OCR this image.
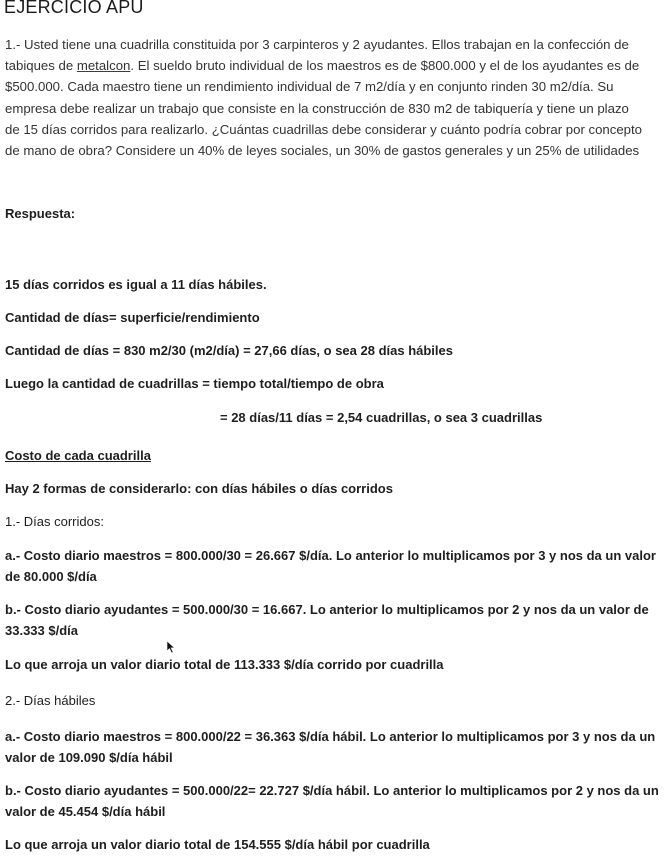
EJERCICIO APU
1.- Usted tiene una cuadrilla constituida por 3 carpinteros y 2 ayudantes. Ellos trabajan en la confección de tabiques de metalcon. El sueldo bruto individual de los maestros es de $800.000 y el de los ayudantes es de $500.000. Cada maestro tiene un rendimiento individual de 7 m2/día y en conjunto rinden 30 m2/día. Su empresa debe realizar un trabajo que consiste en la construcción de 830 m2 de tabiquería y tiene un plazo de 15 días corridos para realizarlo. ¿Cuántas cuadrillas debe considerar y cuánto podría cobrar por concepto de mano de obra? Considere un 40% de leyes sociales, un 30% de gastos generales y un 25% de utilidades
Respuesta:
15 días corridos es igual a 11 días hábiles.
Cantidad de días= superficie/rendimiento
Cantidad de días = 830 m2/30 (m2/día) = 27,66 días, o sea 28 días hábiles
Luego la cantidad de cuadrillas = tiempo total/tiempo de obra
= 28 días/11 días = 2,54 cuadrillas, o sea 3 cuadrillas
Costo de cada cuadrilla
Hay 2 formas de considerarlo: con días hábiles o días corridos
1.- Días corridos:
a.- Costo diario maestros = 800.000/30 = 26.667 $/día. Lo anterior lo multiplicamos por 3 y nos da un valor de 80.000 $/día
b.- Costo diario ayudantes = 500.000/30 = 16.667. Lo anterior lo multiplicamos por 2 y nos da un valor de 33.333 $/día
Lo que arroja un valor diario total de 113.333 $/día corrido por cuadrilla
2.- Días hábiles
a.- Costo diario maestros = 800.000/22 = 36.363 $/día hábil. Lo anterior lo multiplicamos por 3 y nos da un valor de 109.090 $/día hábil
b.- Costo diario ayudantes = 500.000/22= 22.727 $/día hábil. Lo anterior lo multiplicamos por 2 y nos da un valor de 45.454 $/día hábil
Lo que arroja un valor diario total de 154.555 $/día hábil por cuadrilla
